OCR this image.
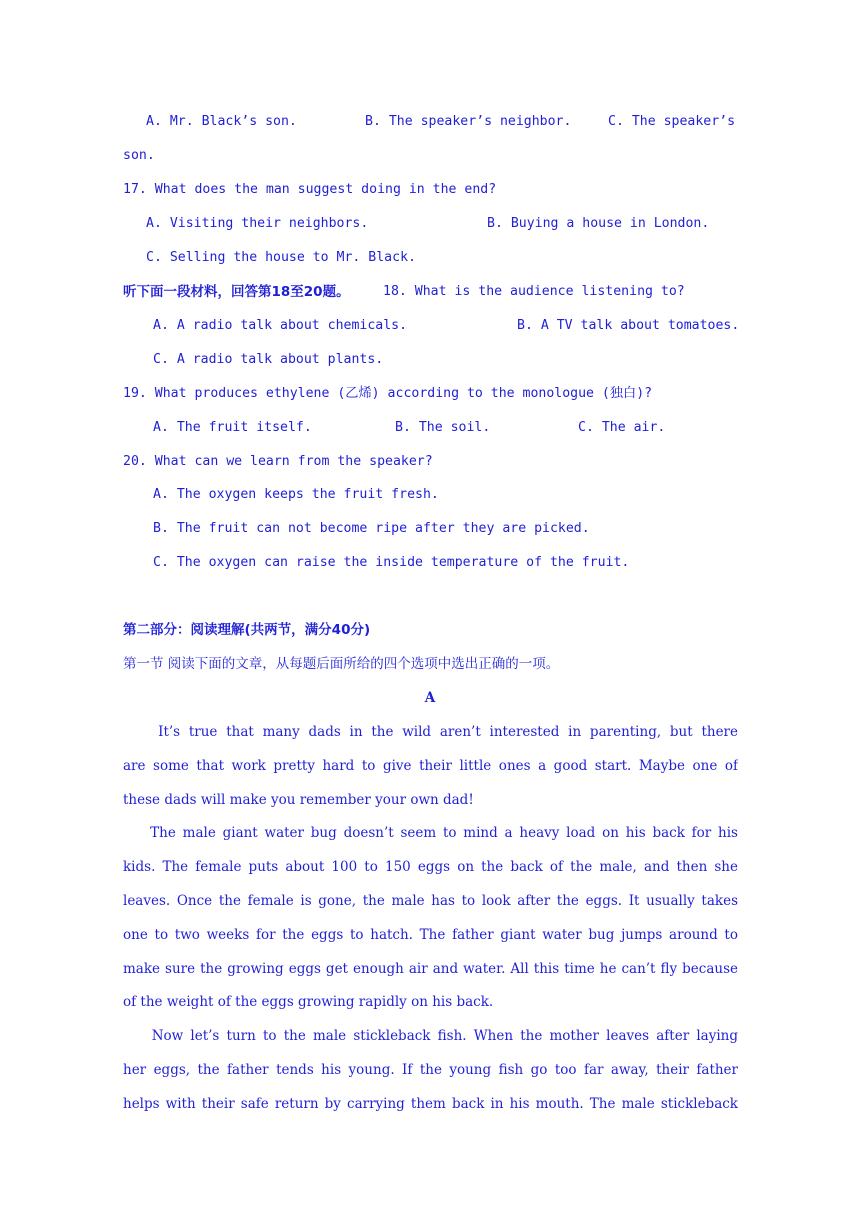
A. Mr. Black’s son.	B. The speaker’s neighbor.	C. The speaker’s
son.
17. What does the man suggest doing in the end?
A. Visiting their neighbors.	B. Buying a house in London.
C. Selling the house to Mr. Black.
听下面一段材料，回答第18至20题。	18. What is the audience listening to?
A. A radio talk about chemicals.	B. A TV talk about tomatoes.
C. A radio talk about plants.
19. What produces ethylene (乙烯) according to the monologue (独白)?
A. The fruit itself.	B. The soil.	C. The air.
20. What can we learn from the speaker?
A. The oxygen keeps the fruit fresh.
B. The fruit can not become ripe after they are picked.
C. The oxygen can raise the inside temperature of the fruit.
第二部分：阅读理解(共两节，满分40分)
第一节 阅读下面的文章，从每题后面所给的四个选项中选出正确的一项。
A
It’s true that many dads in the wild aren’t interested in parenting, but there
are some that work pretty hard to give their little ones a good start. Maybe one of
these dads will make you remember your own dad!
The male giant water bug doesn’t seem to mind a heavy load on his back for his
kids. The female puts about 100 to 150 eggs on the back of the male, and then she
leaves. Once the female is gone, the male has to look after the eggs. It usually takes
one to two weeks for the eggs to hatch. The father giant water bug jumps around to
make sure the growing eggs get enough air and water. All this time he can’t fly because
of the weight of the eggs growing rapidly on his back.
Now let’s turn to the male stickleback fish. When the mother leaves after laying
her eggs, the father tends his young. If the young fish go too far away, their father
helps with their safe return by carrying them back in his mouth. The male stickleback
